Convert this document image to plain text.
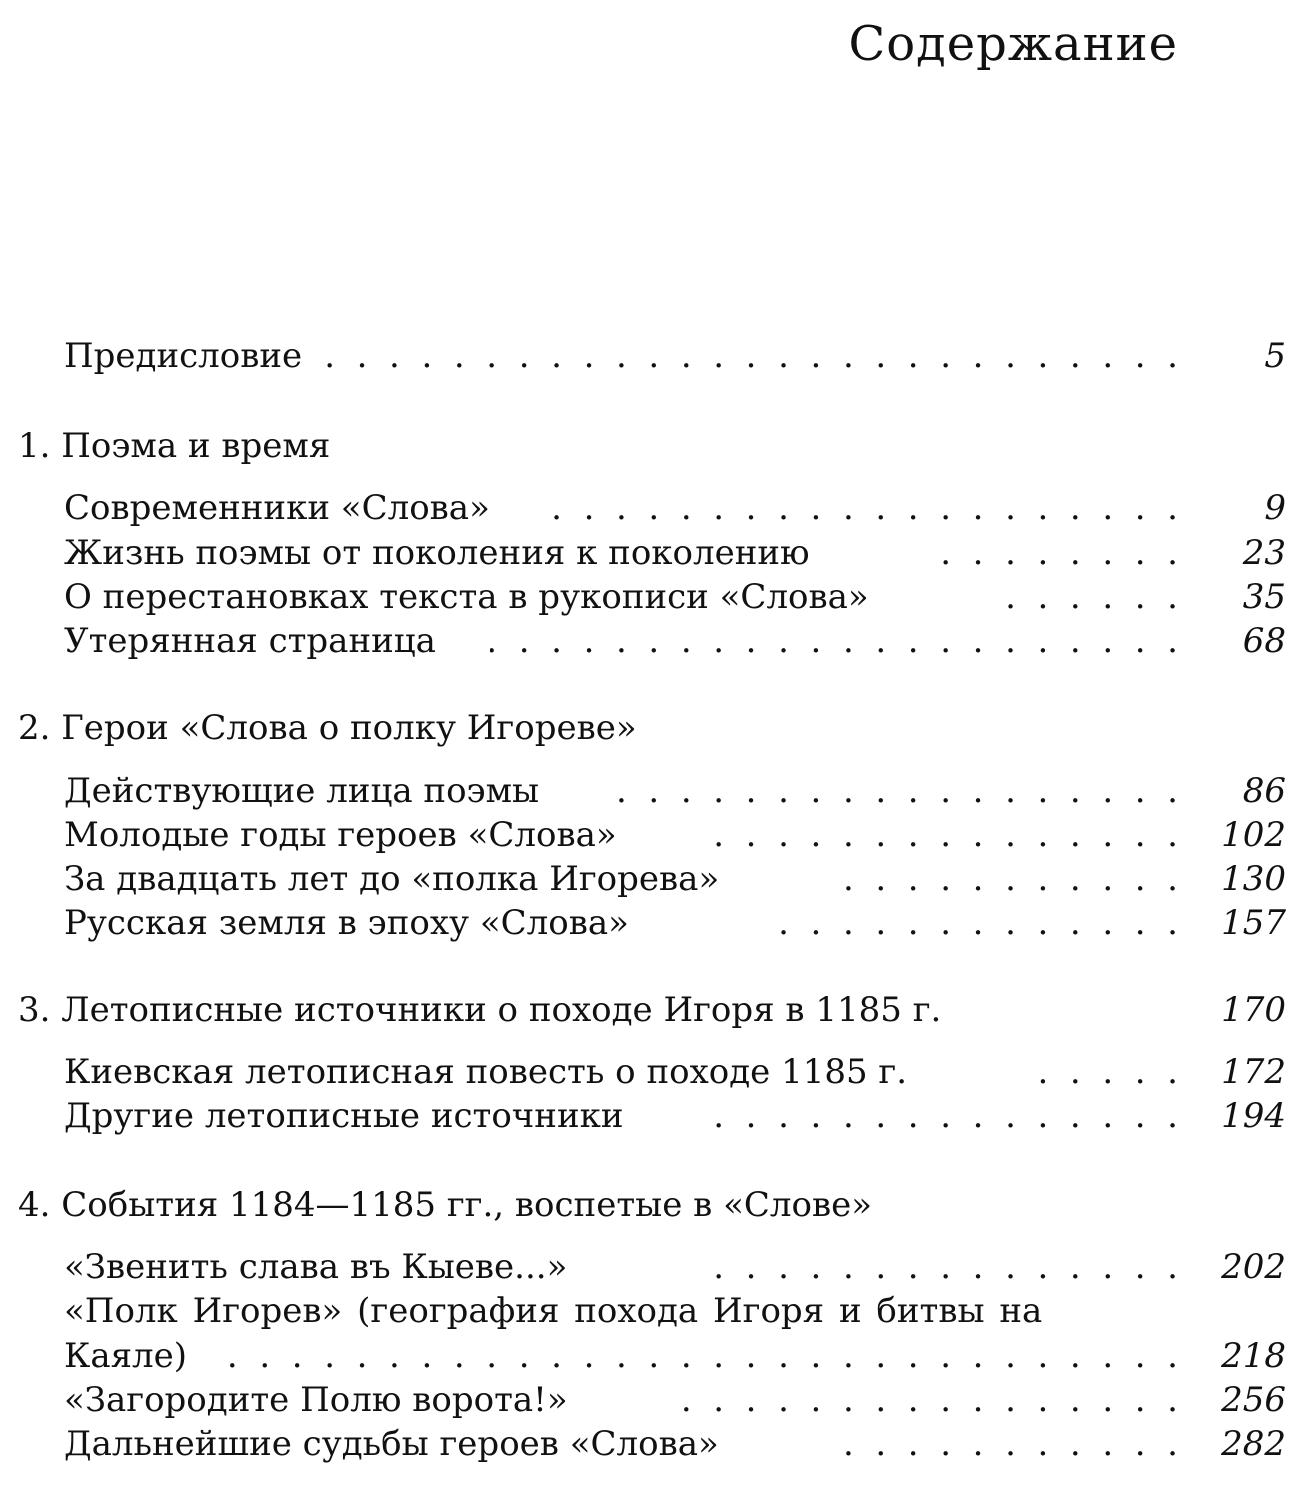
Содержание
Предисловие . .	5
1. Поэма и время
Современники «Слова» . .	9
Жизнь поэмы от поколения к поколению . .	23
О перестановках текста в рукописи «Слова» . .	35
Утерянная страница . .	68
2. Герои «Слова о полку Игореве»
Действующие лица поэмы . .	86
Молодые годы героев «Слова» . .	102
За двадцать лет до «полка Игорева» . .	130
Русская земля в эпоху «Слова» . .	157
3. Летописные источники о походе Игоря в 1185 г.	170
Киевская летописная повесть о походе 1185 г. . .	172
Другие летописные источники . .	194
4. События 1184—1185 гг., воспетые в «Слове»
«Звенить слава въ Кыеве...» . .	202
«Полк Игорев» (география похода Игоря и битвы на
Каяле) . .	218
«Загородите Полю ворота!» . .	256
Дальнейшие судьбы героев «Слова» . .	282
